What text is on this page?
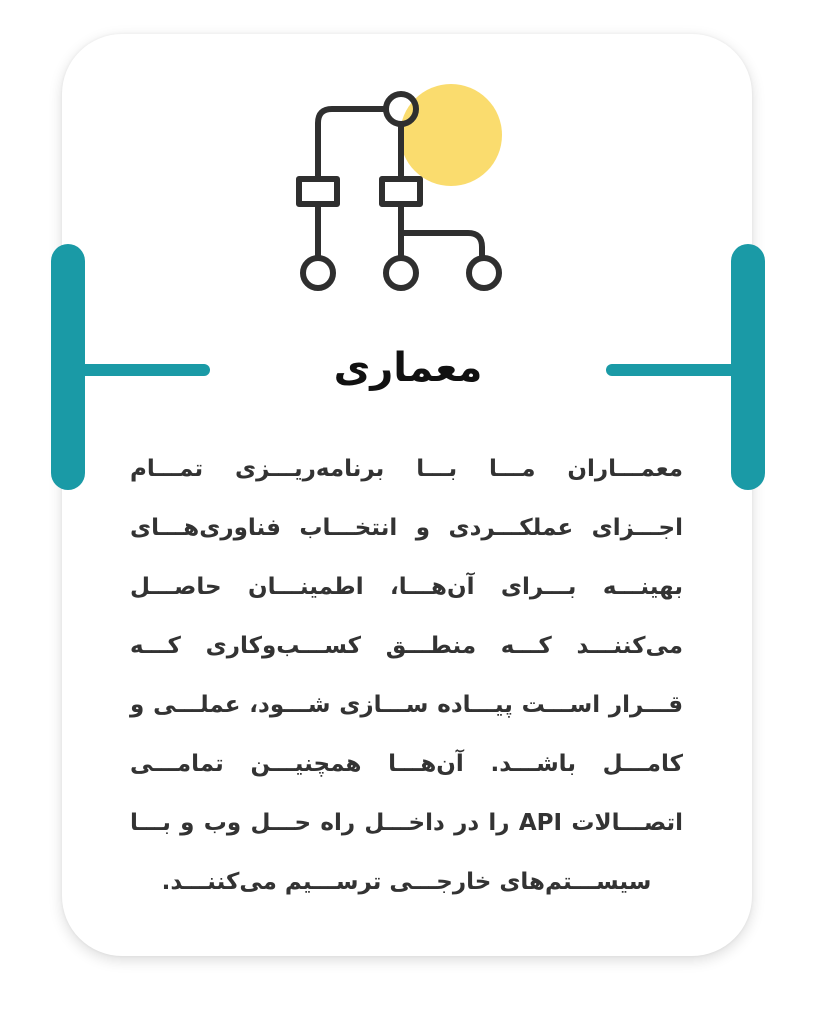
معماری

معمـــاران مـــا بـــا برنامه‌ریـــزی تمـــام اجـــزای عملکـــردی و انتخـــاب فناوری‌هـــای بهینـــه بـــرای آن‌هـــا، اطمینـــان حاصـــل می‌کننـــد کـــه منطـــق کســـب‌وکاری کـــه قـــرار اســـت پیـــاده ســـازی شـــود، عملـــی و کامـــل باشـــد. آن‌هـــا همچنیـــن تمامـــی اتصـــالات API را در داخـــل راه حـــل وب و بـــا سیســـتم‌های خارجـــی ترســـیم می‌کننـــد.
